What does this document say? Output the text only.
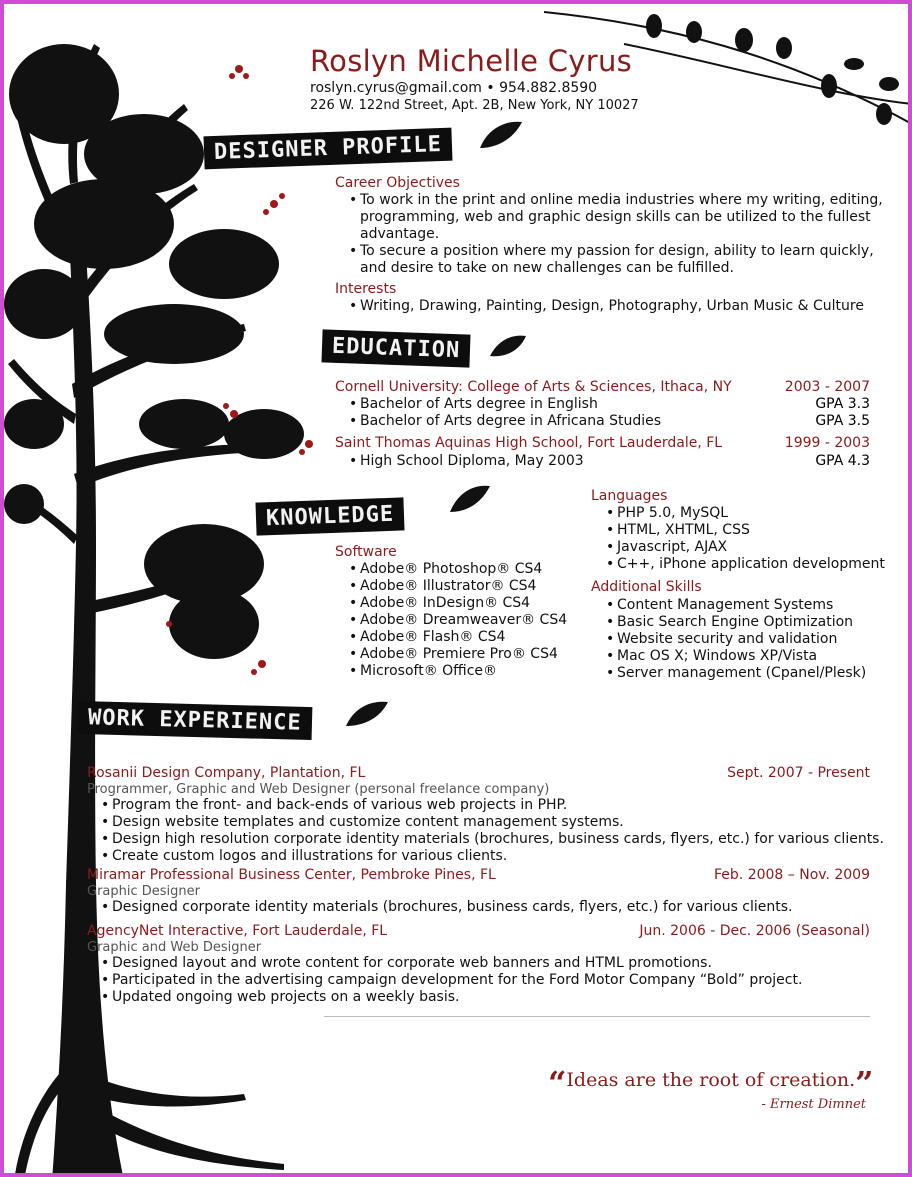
Roslyn Michelle Cyrus
roslyn.cyrus@gmail.com • 954.882.8590
226 W. 122nd Street, Apt. 2B, New York, NY 10027
DESIGNER PROFILE
Career Objectives
• To work in the print and online media industries where my writing, editing,
programming, web and graphic design skills can be utilized to the fullest
advantage.
• To secure a position where my passion for design, ability to learn quickly,
and desire to take on new challenges can be fulfilled.
Interests
• Writing, Drawing, Painting, Design, Photography, Urban Music & Culture
EDUCATION
Cornell University: College of Arts & Sciences, Ithaca, NY	2003 - 2007
• Bachelor of Arts degree in English	GPA 3.3
• Bachelor of Arts degree in Africana Studies	GPA 3.5
Saint Thomas Aquinas High School, Fort Lauderdale, FL	1999 - 2003
• High School Diploma, May 2003	GPA 4.3
KNOWLEDGE
Software
• Adobe® Photoshop® CS4
• Adobe® Illustrator® CS4
• Adobe® InDesign® CS4
• Adobe® Dreamweaver® CS4
• Adobe® Flash® CS4
• Adobe® Premiere Pro® CS4
• Microsoft® Office®
Languages
• PHP 5.0, MySQL
• HTML, XHTML, CSS
• Javascript, AJAX
• C++, iPhone application development
Additional Skills
• Content Management Systems
• Basic Search Engine Optimization
• Website security and validation
• Mac OS X; Windows XP/Vista
• Server management (Cpanel/Plesk)
WORK EXPERIENCE
Rosanii Design Company, Plantation, FL	Sept. 2007 - Present
Programmer, Graphic and Web Designer (personal freelance company)
• Program the front- and back-ends of various web projects in PHP.
• Design website templates and customize content management systems.
• Design high resolution corporate identity materials (brochures, business cards, flyers, etc.) for various clients.
• Create custom logos and illustrations for various clients.
Miramar Professional Business Center, Pembroke Pines, FL	Feb. 2008 – Nov. 2009
Graphic Designer
• Designed corporate identity materials (brochures, business cards, flyers, etc.) for various clients.
AgencyNet Interactive, Fort Lauderdale, FL	Jun. 2006 - Dec. 2006 (Seasonal)
Graphic and Web Designer
• Designed layout and wrote content for corporate web banners and HTML promotions.
• Participated in the advertising campaign development for the Ford Motor Company “Bold” project.
• Updated ongoing web projects on a weekly basis.
“Ideas are the root of creation.”
- Ernest Dimnet
